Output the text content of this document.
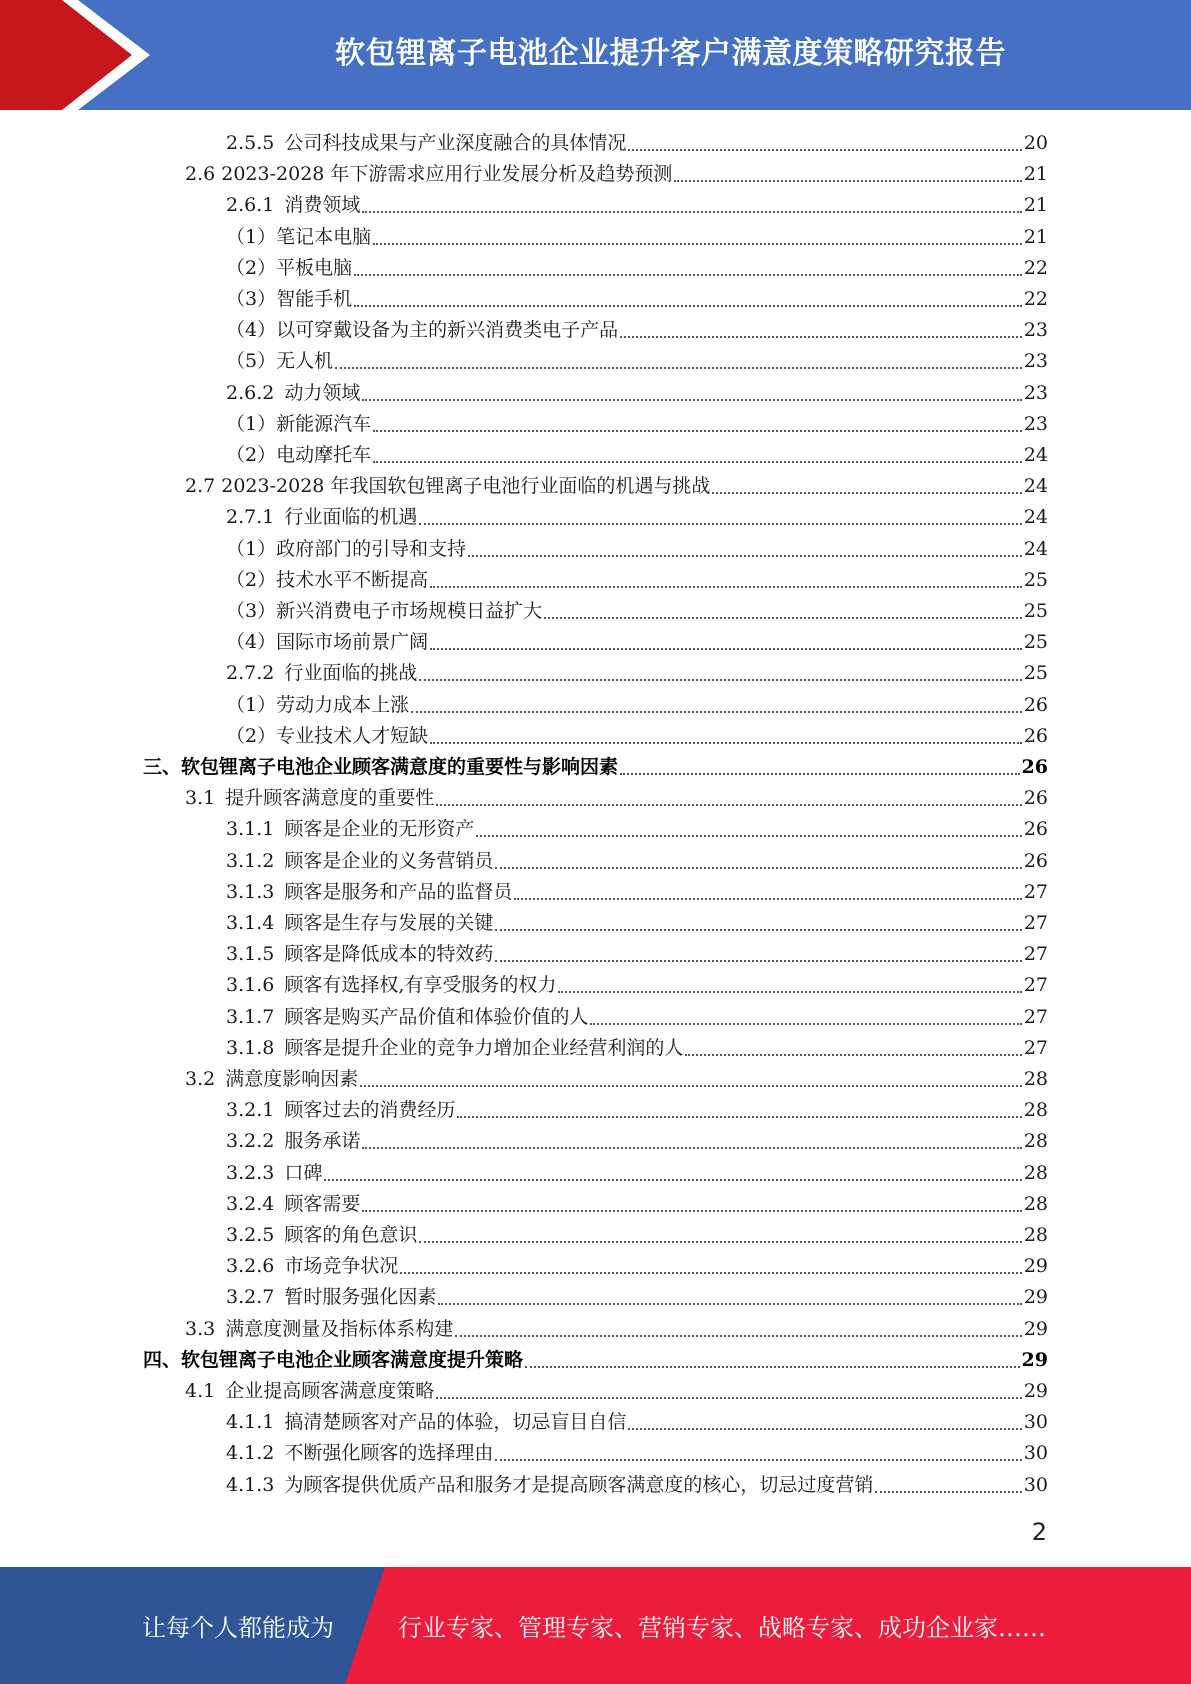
软包锂离子电池企业提升客户满意度策略研究报告
2.5.5 公司科技成果与产业深度融合的具体情况	20
2.6 2023-2028 年下游需求应用行业发展分析及趋势预测	21
2.6.1 消费领域	21
（1）笔记本电脑	21
（2）平板电脑	22
（3）智能手机	22
（4）以可穿戴设备为主的新兴消费类电子产品	23
（5）无人机	23
2.6.2 动力领域	23
（1）新能源汽车	23
（2）电动摩托车	24
2.7 2023-2028 年我国软包锂离子电池行业面临的机遇与挑战	24
2.7.1 行业面临的机遇	24
（1）政府部门的引导和支持	24
（2）技术水平不断提高	25
（3）新兴消费电子市场规模日益扩大	25
（4）国际市场前景广阔	25
2.7.2 行业面临的挑战	25
（1）劳动力成本上涨	26
（2）专业技术人才短缺	26
三、软包锂离子电池企业顾客满意度的重要性与影响因素	26
3.1 提升顾客满意度的重要性	26
3.1.1 顾客是企业的无形资产	26
3.1.2 顾客是企业的义务营销员	26
3.1.3 顾客是服务和产品的监督员	27
3.1.4 顾客是生存与发展的关键	27
3.1.5 顾客是降低成本的特效药	27
3.1.6 顾客有选择权,有享受服务的权力	27
3.1.7 顾客是购买产品价值和体验价值的人	27
3.1.8 顾客是提升企业的竞争力增加企业经营利润的人	27
3.2 满意度影响因素	28
3.2.1 顾客过去的消费经历	28
3.2.2 服务承诺	28
3.2.3 口碑	28
3.2.4 顾客需要	28
3.2.5 顾客的角色意识	28
3.2.6 市场竞争状况	29
3.2.7 暂时服务强化因素	29
3.3 满意度测量及指标体系构建	29
四、软包锂离子电池企业顾客满意度提升策略	29
4.1 企业提高顾客满意度策略	29
4.1.1 搞清楚顾客对产品的体验，切忌盲目自信	30
4.1.2 不断强化顾客的选择理由	30
4.1.3 为顾客提供优质产品和服务才是提高顾客满意度的核心，切忌过度营销	30
2
让每个人都能成为	行业专家、管理专家、营销专家、战略专家、成功企业家……
